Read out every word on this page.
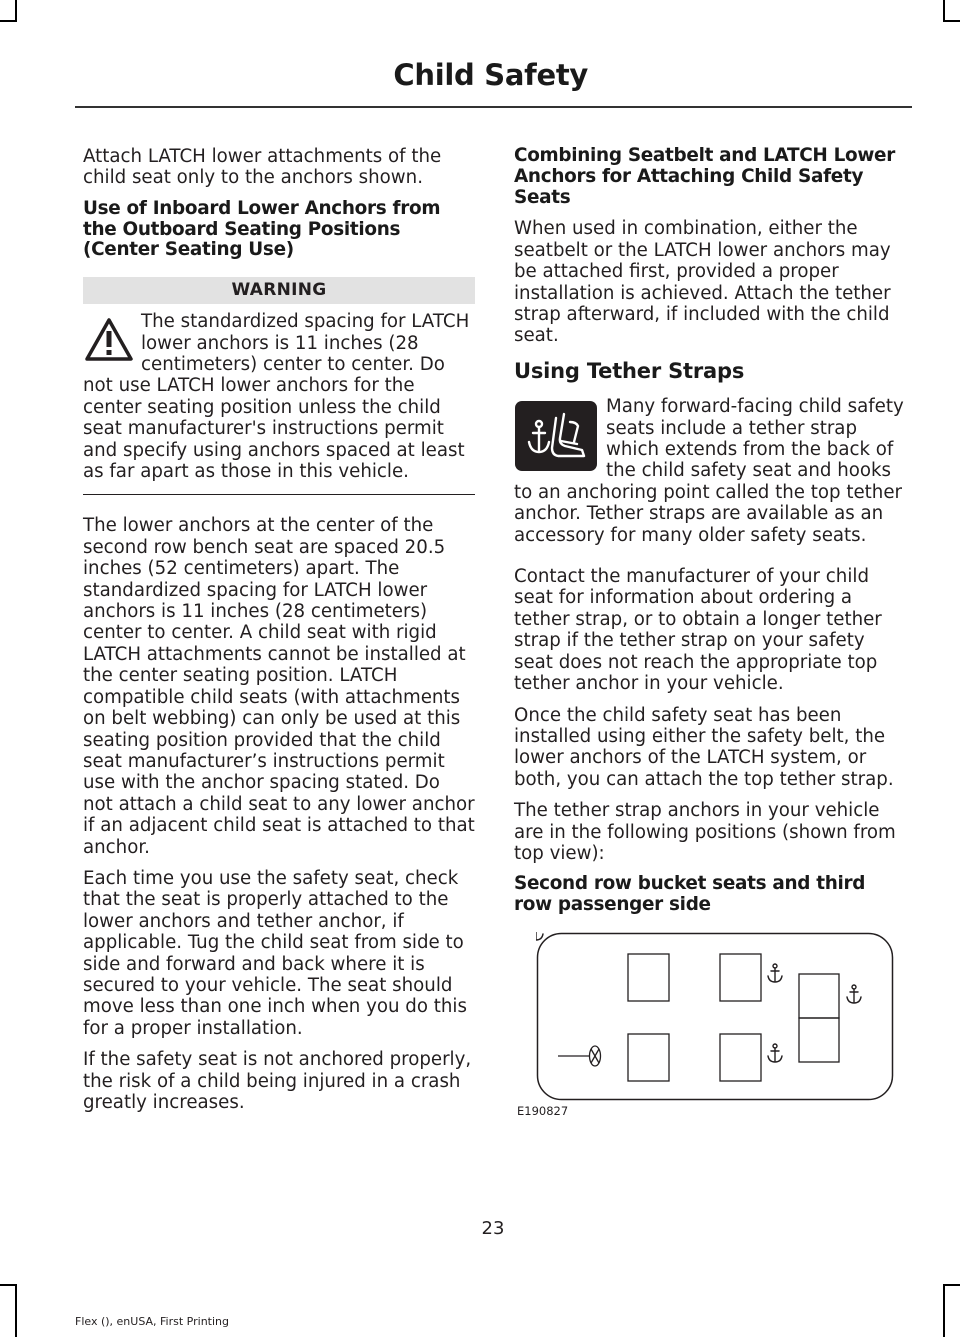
Child Safety

Attach LATCH lower attachments of the child seat only to the anchors shown.

Use of Inboard Lower Anchors from the Outboard Seating Positions (Center Seating Use)
WARNING
The standardized spacing for LATCH lower anchors is 11 inches (28 centimeters) center to center. Do not use LATCH lower anchors for the center seating position unless the child seat manufacturer's instructions permit and specify using anchors spaced at least as far apart as those in this vehicle.

The lower anchors at the center of the second row bench seat are spaced 20.5 inches (52 centimeters) apart. The standardized spacing for LATCH lower anchors is 11 inches (28 centimeters) center to center. A child seat with rigid LATCH attachments cannot be installed at the center seating position. LATCH compatible child seats (with attachments on belt webbing) can only be used at this seating position provided that the child seat manufacturer’s instructions permit use with the anchor spacing stated. Do not attach a child seat to any lower anchor if an adjacent child seat is attached to that anchor.

Each time you use the safety seat, check that the seat is properly attached to the lower anchors and tether anchor, if applicable. Tug the child seat from side to side and forward and back where it is secured to your vehicle. The seat should move less than one inch when you do this for a proper installation.

If the safety seat is not anchored properly, the risk of a child being injured in a crash greatly increases.

Combining Seatbelt and LATCH Lower Anchors for Attaching Child Safety Seats

When used in combination, either the seatbelt or the LATCH lower anchors may be attached first, provided a proper installation is achieved. Attach the tether strap afterward, if included with the child seat.

Using Tether Straps
Many forward-facing child safety seats include a tether strap which extends from the back of the child safety seat and hooks to an anchoring point called the top tether anchor. Tether straps are available as an accessory for many older safety seats.

Contact the manufacturer of your child seat for information about ordering a tether strap, or to obtain a longer tether strap if the tether strap on your safety seat does not reach the appropriate top tether anchor in your vehicle.

Once the child safety seat has been installed using either the safety belt, the lower anchors of the LATCH system, or both, you can attach the top tether strap.

The tether strap anchors in your vehicle are in the following positions (shown from top view):

Second row bucket seats and third row passenger side
E190827
23
Flex (), enUSA, First Printing
